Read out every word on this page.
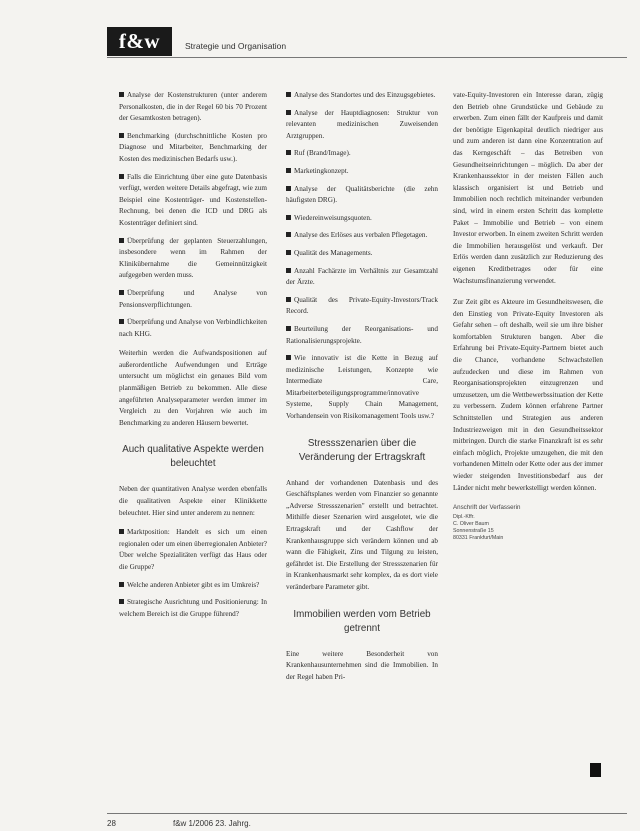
f&w	Strategie und Organisation

Analyse der Kostenstrukturen (unter anderem Personalkosten, die in der Regel 60 bis 70 Prozent der Gesamtkosten betragen).

Benchmarking (durchschnittliche Kosten pro Diagnose und Mitarbeiter, Benchmarking der Kosten des medizinischen Bedarfs usw.).

Falls die Einrichtung über eine gute Datenbasis verfügt, werden weitere Details abgefragt, wie zum Beispiel eine Kostenträger- und Kostenstellen-Rechnung, bei denen die ICD und DRG als Kostenträger definiert sind.

Überprüfung der geplanten Steuerzahlungen, insbesondere wenn im Rahmen der Klinikübernahme die Gemeinnützigkeit aufgegeben werden muss.

Überprüfung und Analyse von Pensionsverpflichtungen.

Überprüfung und Analyse von Verbindlichkeiten nach KHG.

Weiterhin werden die Aufwandspositionen auf außerordentliche Aufwendungen und Erträge untersucht um möglichst ein genaues Bild vom planmäßigen Betrieb zu bekommen. Alle diese angeführten Analyseparameter werden immer im Vergleich zu den Vorjahren wie auch im Benchmarking zu anderen Häusern bewertet.

Auch qualitative Aspekte werden beleuchtet

Neben der quantitativen Analyse werden ebenfalls die qualitativen Aspekte einer Klinikkette beleuchtet. Hier sind unter anderem zu nennen:

Marktposition: Handelt es sich um einen regionalen oder um einen überregionalen Anbieter? Über welche Spezialitäten verfügt das Haus oder die Gruppe?

Welche anderen Anbieter gibt es im Umkreis?

Strategische Ausrichtung und Positionierung: In welchem Bereich ist die Gruppe führend?

Analyse des Standortes und des Einzugsgebietes.

Analyse der Hauptdiagnosen: Struktur von relevanten medizinischen Zuweisenden Arztgruppen.

Ruf (Brand/Image).

Marketingkonzept.

Analyse der Qualitätsberichte (die zehn häufigsten DRG).

Wiedereinweisungsquoten.

Analyse des Erlöses aus verbalen Pflegetagen.

Qualität des Managements.

Anzahl Fachärzte im Verhältnis zur Gesamtzahl der Ärzte.

Qualität des Private-Equity-Investors/Track Record.

Beurteilung der Reorganisations- und Rationalisierungsprojekte.

Wie innovativ ist die Kette in Bezug auf medizinische Leistungen, Konzepte wie Intermediate Care, Mitarbeiterbeteiligungsprogramme/innovative Systeme, Supply Chain Management, Vorhandensein von Risikomanagement Tools usw.?

Stressszenarien über die Veränderung der Ertragskraft

Anhand der vorhandenen Datenbasis und des Geschäftsplanes werden vom Finanzier so genannte „Adverse Stressszenarien" erstellt und betrachtet. Mithilfe dieser Szenarien wird ausgelotet, wie die Ertragskraft und der Cashflow der Krankenhausgruppe sich verändern können und ab wann die Fähigkeit, Zins und Tilgung zu leisten, gefährdet ist. Die Erstellung der Stressszenarien für in Krankenhausmarkt sehr komplex, da es dort viele veränderbare Parameter gibt.

Immobilien werden vom Betrieb getrennt

Eine weitere Besonderheit von Krankenhausunternehmen sind die Immobilien. In der Regel haben Pri-

vate-Equity-Investoren ein Interesse daran, zügig den Betrieb ohne Grundstücke und Gebäude zu erwerben. Zum einen fällt der Kaufpreis und damit der benötigte Eigenkapital deutlich niedriger aus und zum anderen ist dann eine Konzentration auf das Kerngeschäft – das Betreiben von Gesundheitseinrichtungen – möglich. Da aber der Krankenhaussektor in der meisten Fällen auch klassisch organisiert ist und Betrieb und Immobilien noch rechtlich miteinander verbunden sind, wird in einem ersten Schritt das komplette Paket – Immobilie und Betrieb – von einem Investor erworben. In einem zweiten Schritt werden die Immobilien herausgelöst und verkauft. Der Erlös werden dann zusätzlich zur Reduzierung des eigenen Kreditbetrages oder für eine Wachstumsfinanzierung verwendet.

Zur Zeit gibt es Akteure im Gesundheitswesen, die den Einstieg von Private-Equity Investoren als Gefahr sehen – oft deshalb, weil sie um ihre bisher komfortablen Strukturen bangen. Aber die Erfahrung bei Private-Equity-Partnern bietet auch die Chance, vorhandene Schwachstellen aufzudecken und diese im Rahmen von Reorganisationsprojekten einzugrenzen und umzusetzen, um die Wettbewerbssituation der Kette zu verbessern. Zudem können erfahrene Partner Schnittstellen und Strategien aus anderen Industriezweigen mit in den Gesundheitssektor mitbringen. Durch die starke Finanzkraft ist es sehr einfach möglich, Projekte umzugehen, die mit den vorhandenen Mitteln oder Kette oder aus der immer wieder steigenden Investitionsbedarf aus der Länder nicht mehr bewerkstelligt werden können.

Anschrift der Verfasserin
Dipl.-Kffr.
C. Oliver Baum
Sonnenstraße 15
80331 Frankfurt/Main
28	f&w 1/2006 23. Jahrg.
